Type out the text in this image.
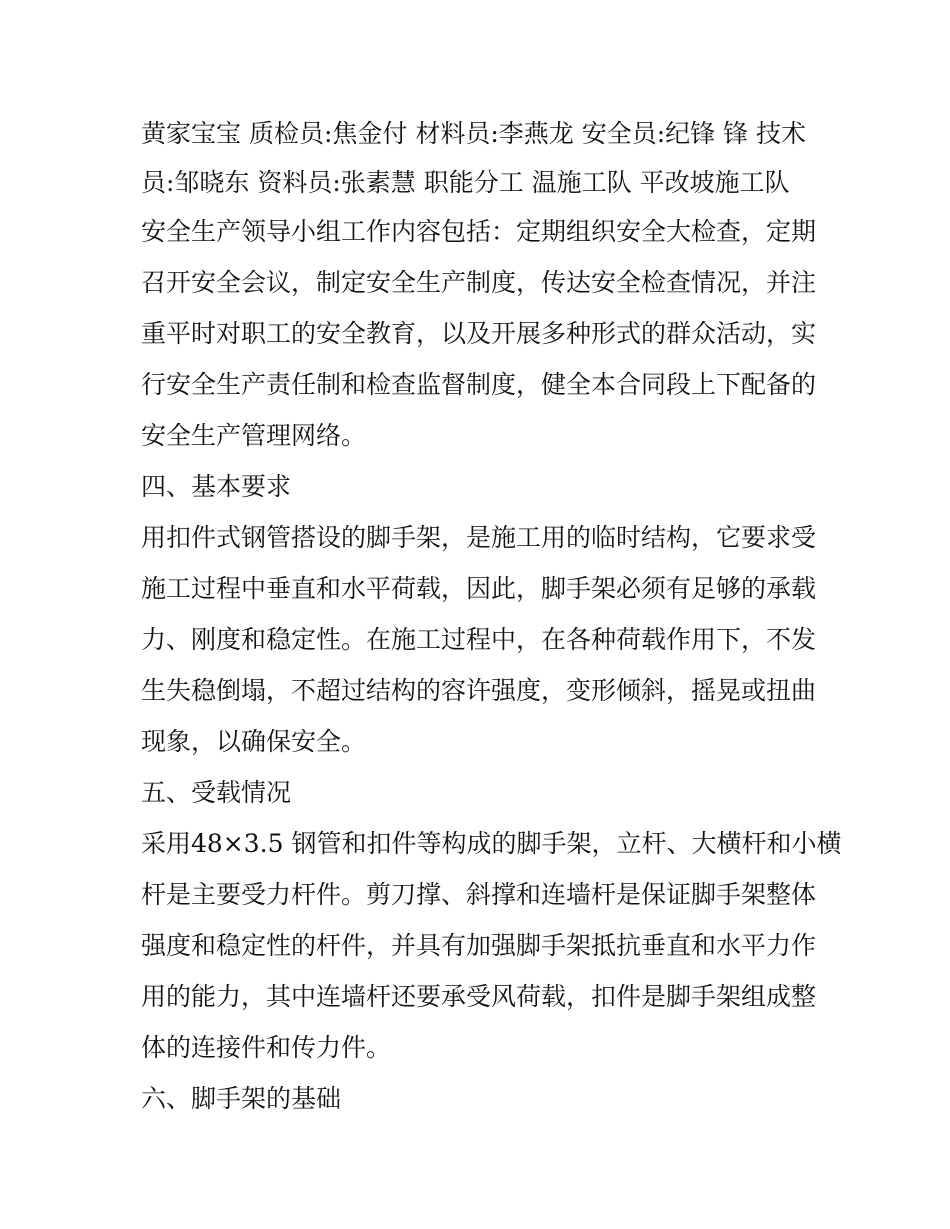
黄家宝宝 质检员:焦金付 材料员:李燕龙 安全员:纪锋 锋 技术
员:邹晓东 资料员:张素慧 职能分工 温施工队 平改坡施工队
安全生产领导小组工作内容包括：定期组织安全大检查，定期
召开安全会议，制定安全生产制度，传达安全检查情况，并注
重平时对职工的安全教育，以及开展多种形式的群众活动，实
行安全生产责任制和检查监督制度，健全本合同段上下配备的
安全生产管理网络。
四、基本要求
用扣件式钢管搭设的脚手架，是施工用的临时结构，它要求受
施工过程中垂直和水平荷载，因此，脚手架必须有足够的承载
力、刚度和稳定性。在施工过程中，在各种荷载作用下，不发
生失稳倒塌，不超过结构的容许强度，变形倾斜，摇晃或扭曲
现象，以确保安全。
五、受载情况
采用48×3.5 钢管和扣件等构成的脚手架，立杆、大横杆和小横
杆是主要受力杆件。剪刀撑、斜撑和连墙杆是保证脚手架整体
强度和稳定性的杆件，并具有加强脚手架抵抗垂直和水平力作
用的能力，其中连墙杆还要承受风荷载，扣件是脚手架组成整
体的连接件和传力件。
六、脚手架的基础
